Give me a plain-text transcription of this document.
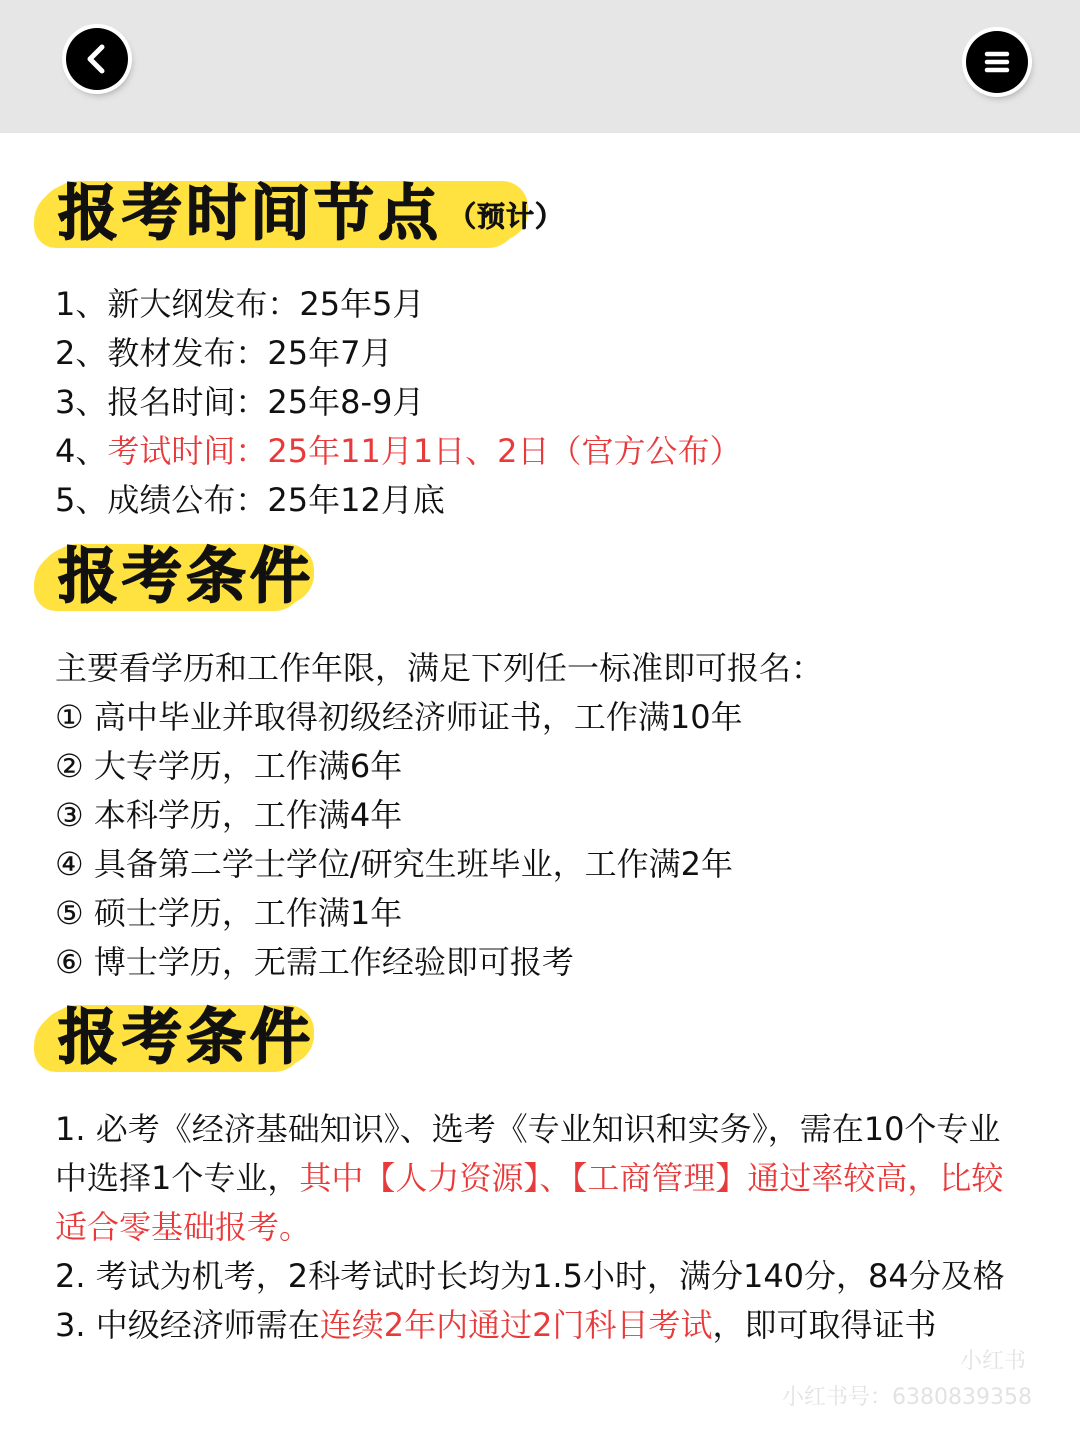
报考时间节点 （预计）
1、新大纲发布：25年5月
2、教材发布：25年7月
3、报名时间：25年8-9月
4、考试时间：25年11月1日、2日（官方公布）
5、成绩公布：25年12月底
报考条件
主要看学历和工作年限，满足下列任一标准即可报名：
① 高中毕业并取得初级经济师证书，工作满10年
② 大专学历，工作满6年
③ 本科学历，工作满4年
④ 具备第二学士学位/研究生班毕业，工作满2年
⑤ 硕士学历，工作满1年
⑥ 博士学历，无需工作经验即可报考
报考条件

1. 必考《经济基础知识》、选考《专业知识和实务》，需在10个专业中选择1个专业，其中【人力资源】、【工商管理】通过率较高，比较适合零基础报考。

2. 考试为机考，2科考试时长均为1.5小时，满分140分，84分及格

3. 中级经济师需在连续2年内通过2门科目考试，即可取得证书

小红书
小红书号：6380839358
